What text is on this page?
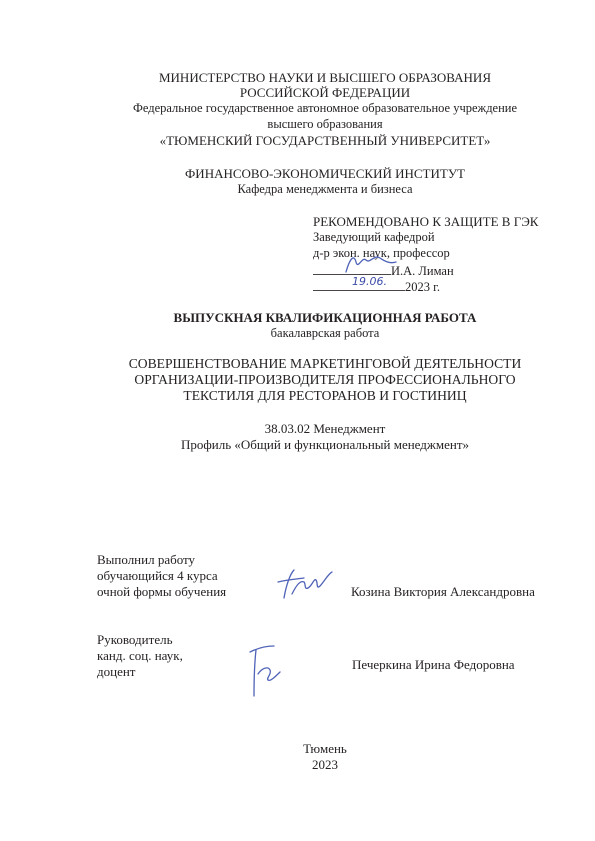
МИНИСТЕРСТВО НАУКИ И ВЫСШЕГО ОБРАЗОВАНИЯ
РОССИЙСКОЙ ФЕДЕРАЦИИ
Федеральное государственное автономное образовательное учреждение
высшего образования
«ТЮМЕНСКИЙ ГОСУДАРСТВЕННЫЙ УНИВЕРСИТЕТ»
ФИНАНСОВО-ЭКОНОМИЧЕСКИЙ ИНСТИТУТ
Кафедра менеджмента и бизнеса
РЕКОМЕНДОВАНО К ЗАЩИТЕ В ГЭК
Заведующий кафедрой
д-р экон. наук, профессор
И.А. Лиман
2023 г.
19.06.
ВЫПУСКНАЯ КВАЛИФИКАЦИОННАЯ РАБОТА
бакалаврская работа
СОВЕРШЕНСТВОВАНИЕ МАРКЕТИНГОВОЙ ДЕЯТЕЛЬНОСТИ
ОРГАНИЗАЦИИ-ПРОИЗВОДИТЕЛЯ ПРОФЕССИОНАЛЬНОГО
ТЕКСТИЛЯ ДЛЯ РЕСТОРАНОВ И ГОСТИНИЦ
38.03.02 Менеджмент
Профиль «Общий и функциональный менеджмент»
Выполнил работу
обучающийся 4 курса
очной формы обучения	Козина Виктория Александровна
Руководитель
канд. соц. наук,
доцент	Печеркина Ирина Федоровна
Тюмень
2023
